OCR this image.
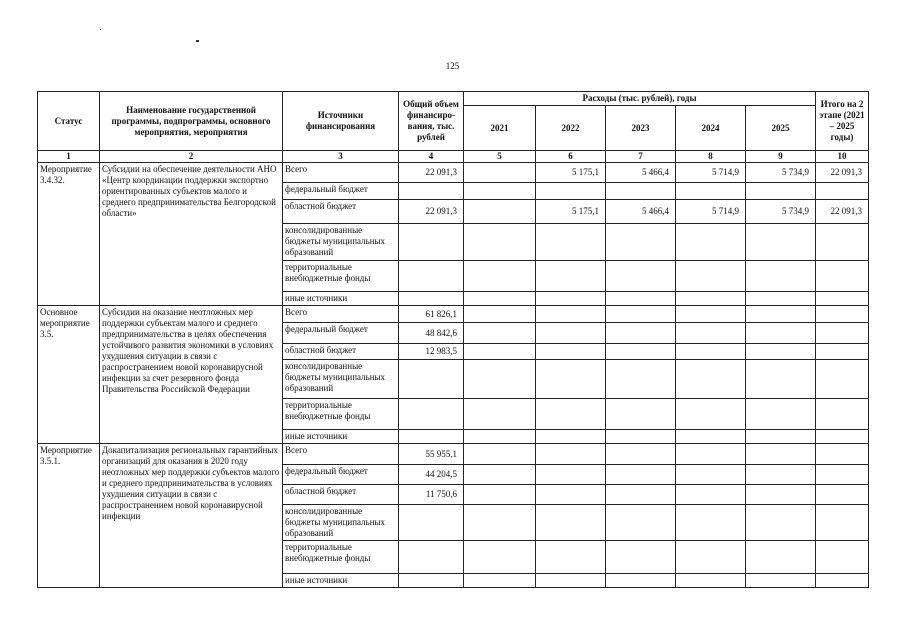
125
Статус	Наименование государственной программы, подпрограммы, основного мероприятия, мероприятия	Источники финансирования	Общий объем финансиро-вания, тыс. рублей	Расходы (тыс. рублей), годы					Итого на 2 этапе (2021 – 2025 годы)
				2021	2022	2023	2024	2025	
1	2	3	4	5	6	7	8	9	10
Мероприятие 3.4.32.	Субсидии на обеспечение деятельности АНО «Центр координации поддержки экспортно ориентированных субъектов малого и среднего предпринимательства Белгородской области»	Всего	22 091,3		5 175,1	5 466,4	5 714,9	5 734,9	22 091,3
		федеральный бюджет							
		областной бюджет	22 091,3		5 175,1	5 466,4	5 714,9	5 734,9	22 091,3
		консолидированные бюджеты муниципальных образований							
		территориальные внебюджетные фонды							
		иные источники							
Основное мероприятие 3.5.	Субсидии на оказание неотложных мер поддержки субъектам малого и среднего предпринимательства в целях обеспечения устойчивого развития экономики в условиях ухудшения ситуации в связи с распространением новой коронавирусной инфекции за счет резервного фонда Правительства Российской Федерации	Всего	61 826,1						
		федеральный бюджет	48 842,6						
		областной бюджет	12 983,5						
		консолидированные бюджеты муниципальных образований							
		территориальные внебюджетные фонды							
		иные источники							
Мероприятие 3.5.1.	Докапитализация региональных гарантийных организаций для оказания в 2020 году неотложных мер поддержки субъектов малого и среднего предпринимательства в условиях ухудшения ситуации в связи с распространением новой коронавирусной инфекции	Всего	55 955,1						
		федеральный бюджет	44 204,5						
		областной бюджет	11 750,6						
		консолидированные бюджеты муниципальных образований							
		территориальные внебюджетные фонды							
		иные источники							
